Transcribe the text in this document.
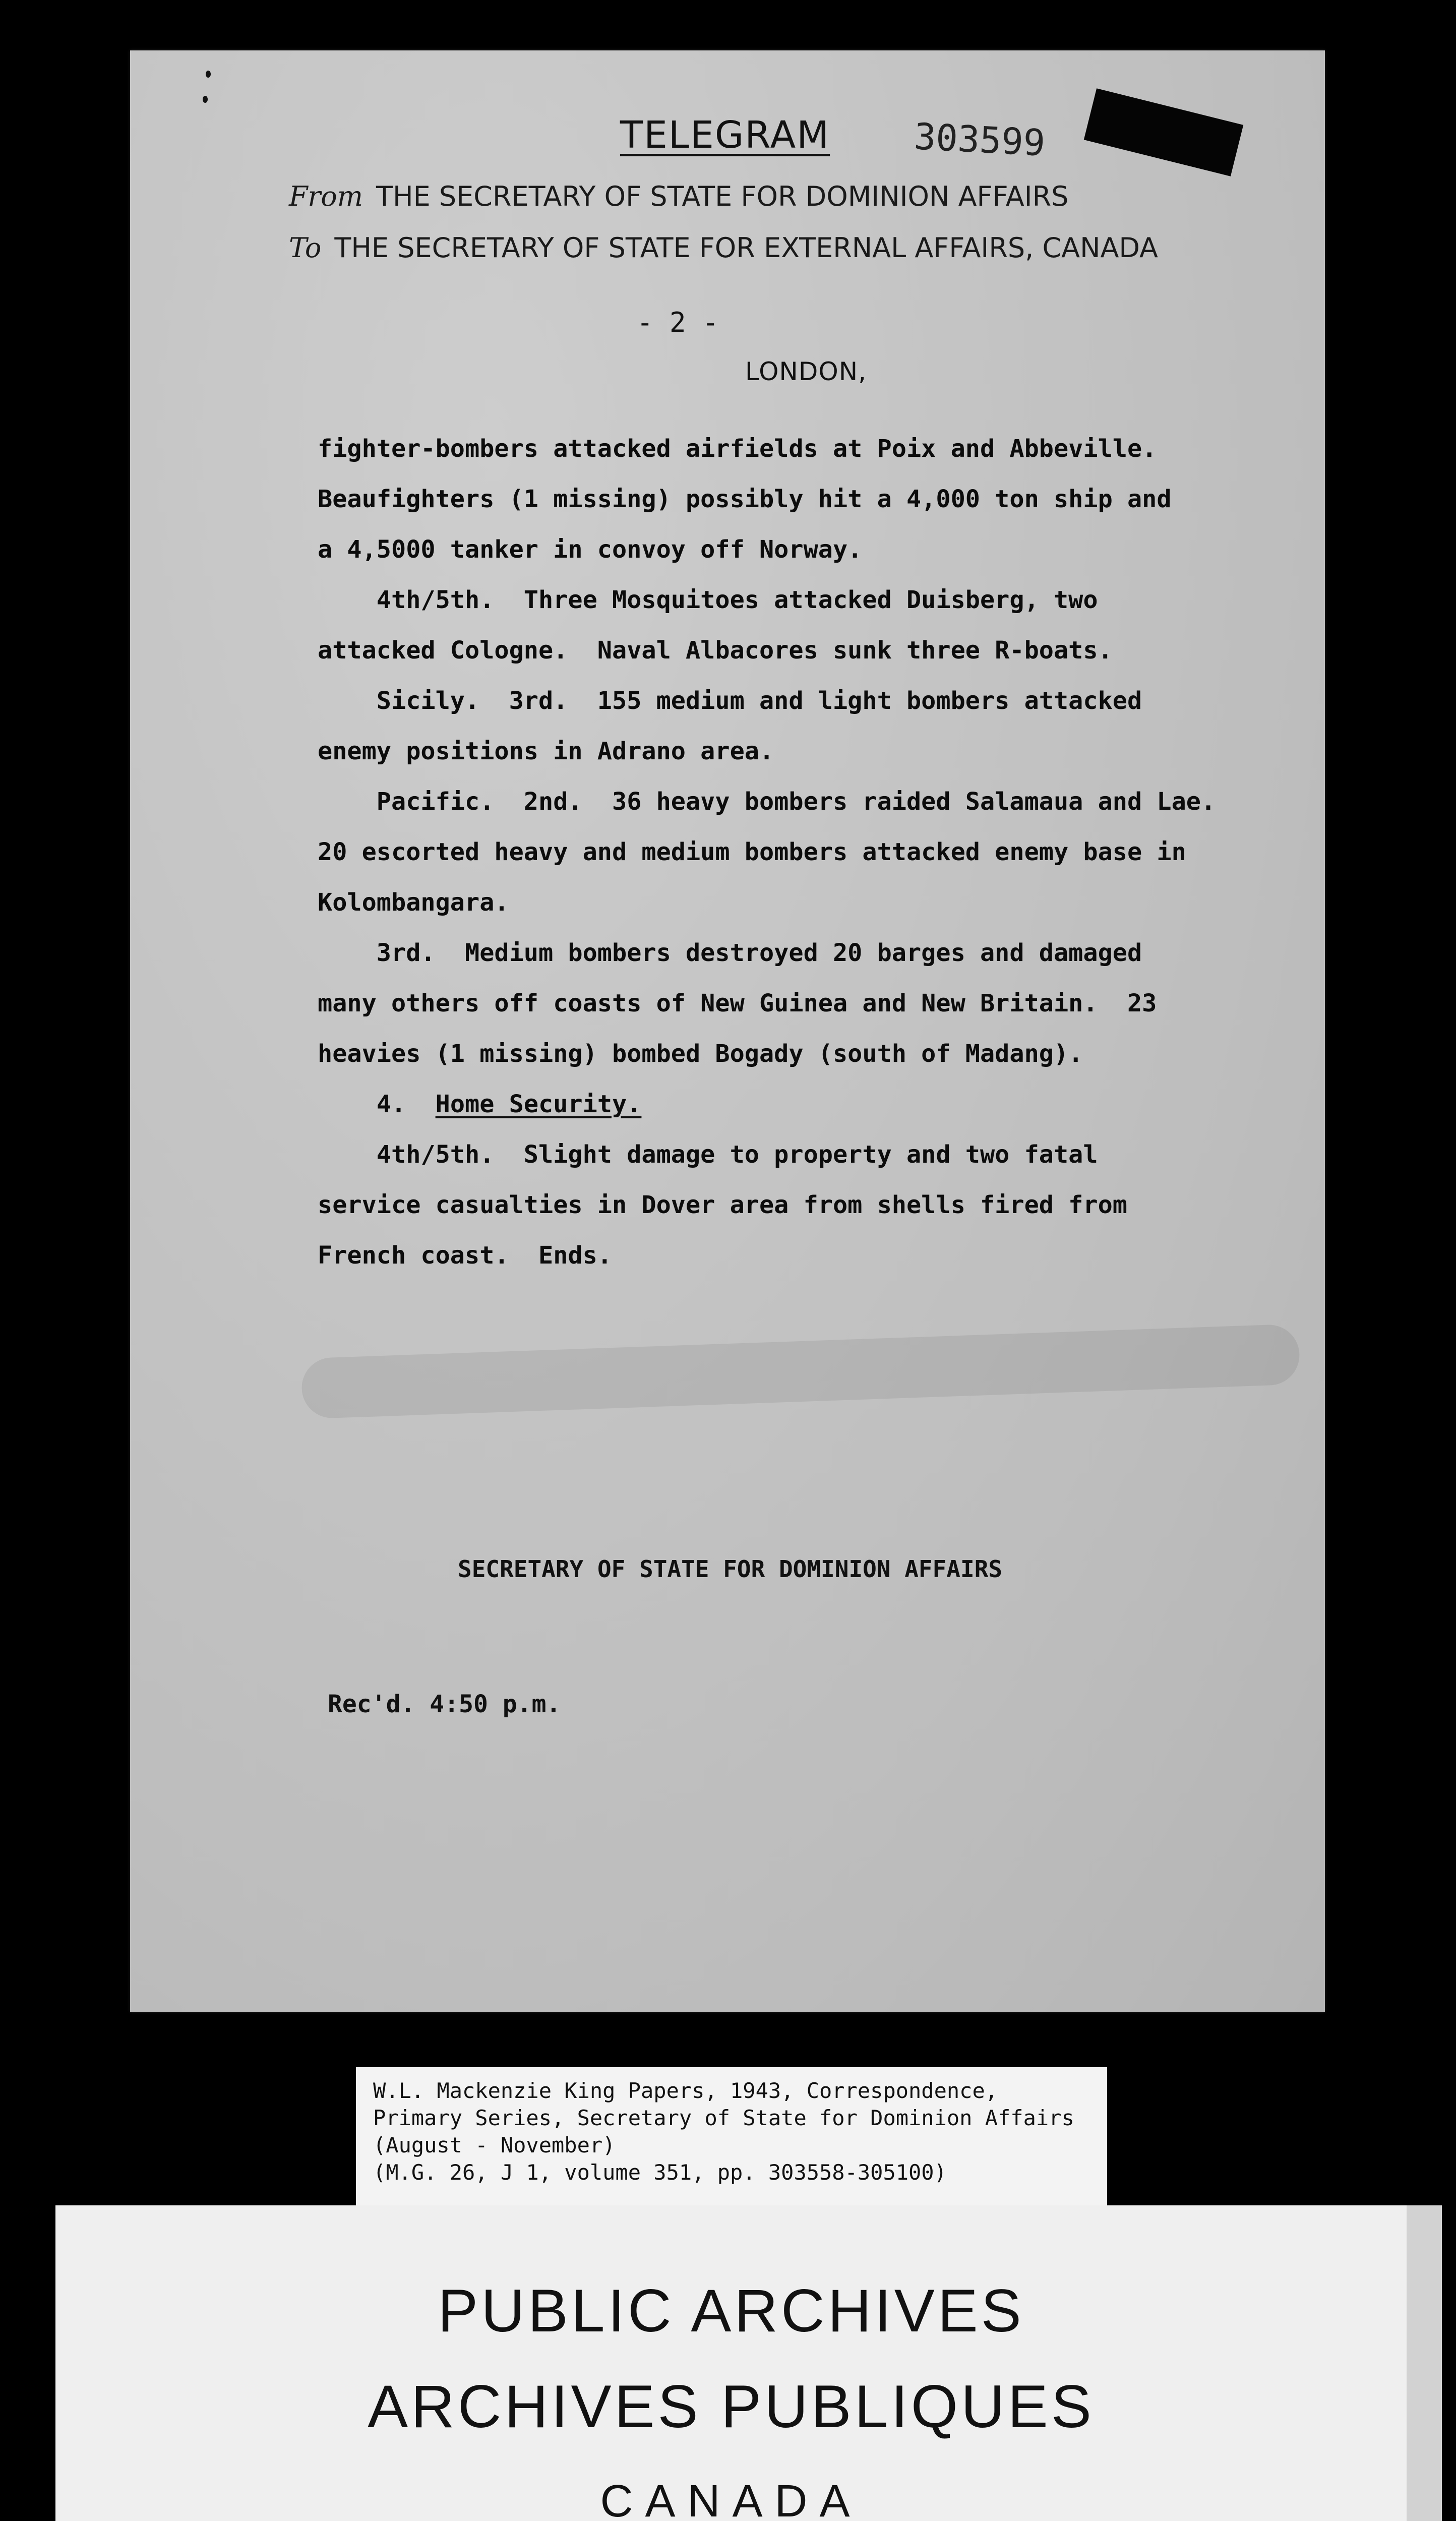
TELEGRAM	303599
From THE SECRETARY OF STATE FOR DOMINION AFFAIRS
To THE SECRETARY OF STATE FOR EXTERNAL AFFAIRS, CANADA
- 2 -
LONDON,
fighter-bombers attacked airfields at Poix and Abbeville.
Beaufighters (1 missing) possibly hit a 4,000 ton ship and
a 4,5000 tanker in convoy off Norway.
4th/5th.  Three Mosquitoes attacked Duisberg, two
attacked Cologne.  Naval Albacores sunk three R-boats.
Sicily.  3rd.  155 medium and light bombers attacked
enemy positions in Adrano area.
Pacific.  2nd.  36 heavy bombers raided Salamaua and Lae.
20 escorted heavy and medium bombers attacked enemy base in
Kolombangara.
3rd.  Medium bombers destroyed 20 barges and damaged
many others off coasts of New Guinea and New Britain.  23
heavies (1 missing) bombed Bogady (south of Madang).
4. Home Security.
4th/5th.  Slight damage to property and two fatal
service casualties in Dover area from shells fired from
French coast.  Ends.
SECRETARY OF STATE FOR DOMINION AFFAIRS
Rec'd. 4:50 p.m.
W.L. Mackenzie King Papers, 1943, Correspondence,
Primary Series, Secretary of State for Dominion Affairs
(August - November)
(M.G. 26, J 1, volume 351, pp. 303558-305100)
PUBLIC ARCHIVES
ARCHIVES PUBLIQUES
CANADA
